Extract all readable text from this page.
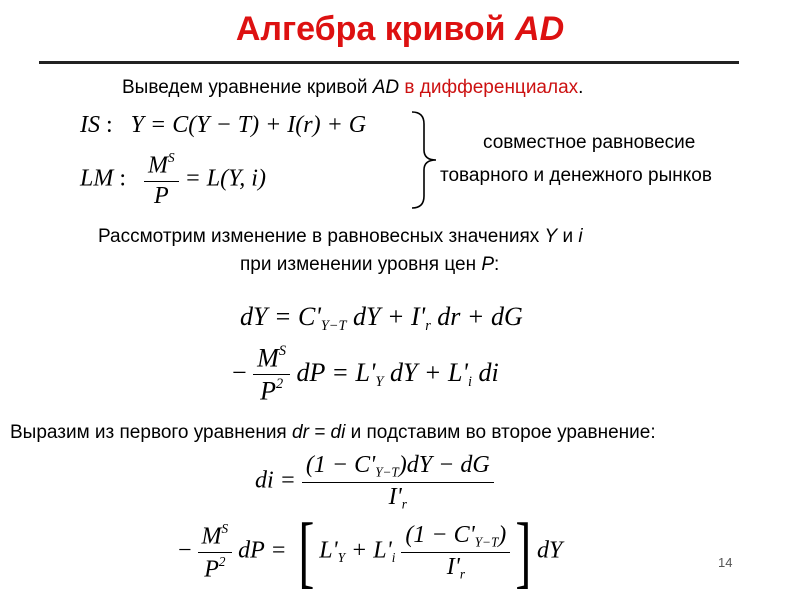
Алгебра кривой AD
Выведем уравнение кривой AD в дифференциалах.
IS : Y = C(Y − T) + I(r) + G
LM : $\frac{M^S}{P} = L(Y$, i)
совместное равновесие
товарного и денежного рынков
Рассмотрим изменение в равновесных значениях Y и i
при изменении уровня цен P:
dY = $C'_{Y-T}$ dY + $I'_r$ dr + dG
− $\frac{M^S}{P^2}$ dP = $L'_Y$ dY + $L'_i$ di
Выразим из первого уравнения dr = di и подставим во второе уравнение:
di = $\frac{(1 - C'_{Y-T})dY - dG}{I'_r}$
− $\frac{M^S}{P^2}$ dP = [ $L'_Y + L'_i \frac{(1 - C'_{Y-T})}{I'_r}$ ] dY	14
